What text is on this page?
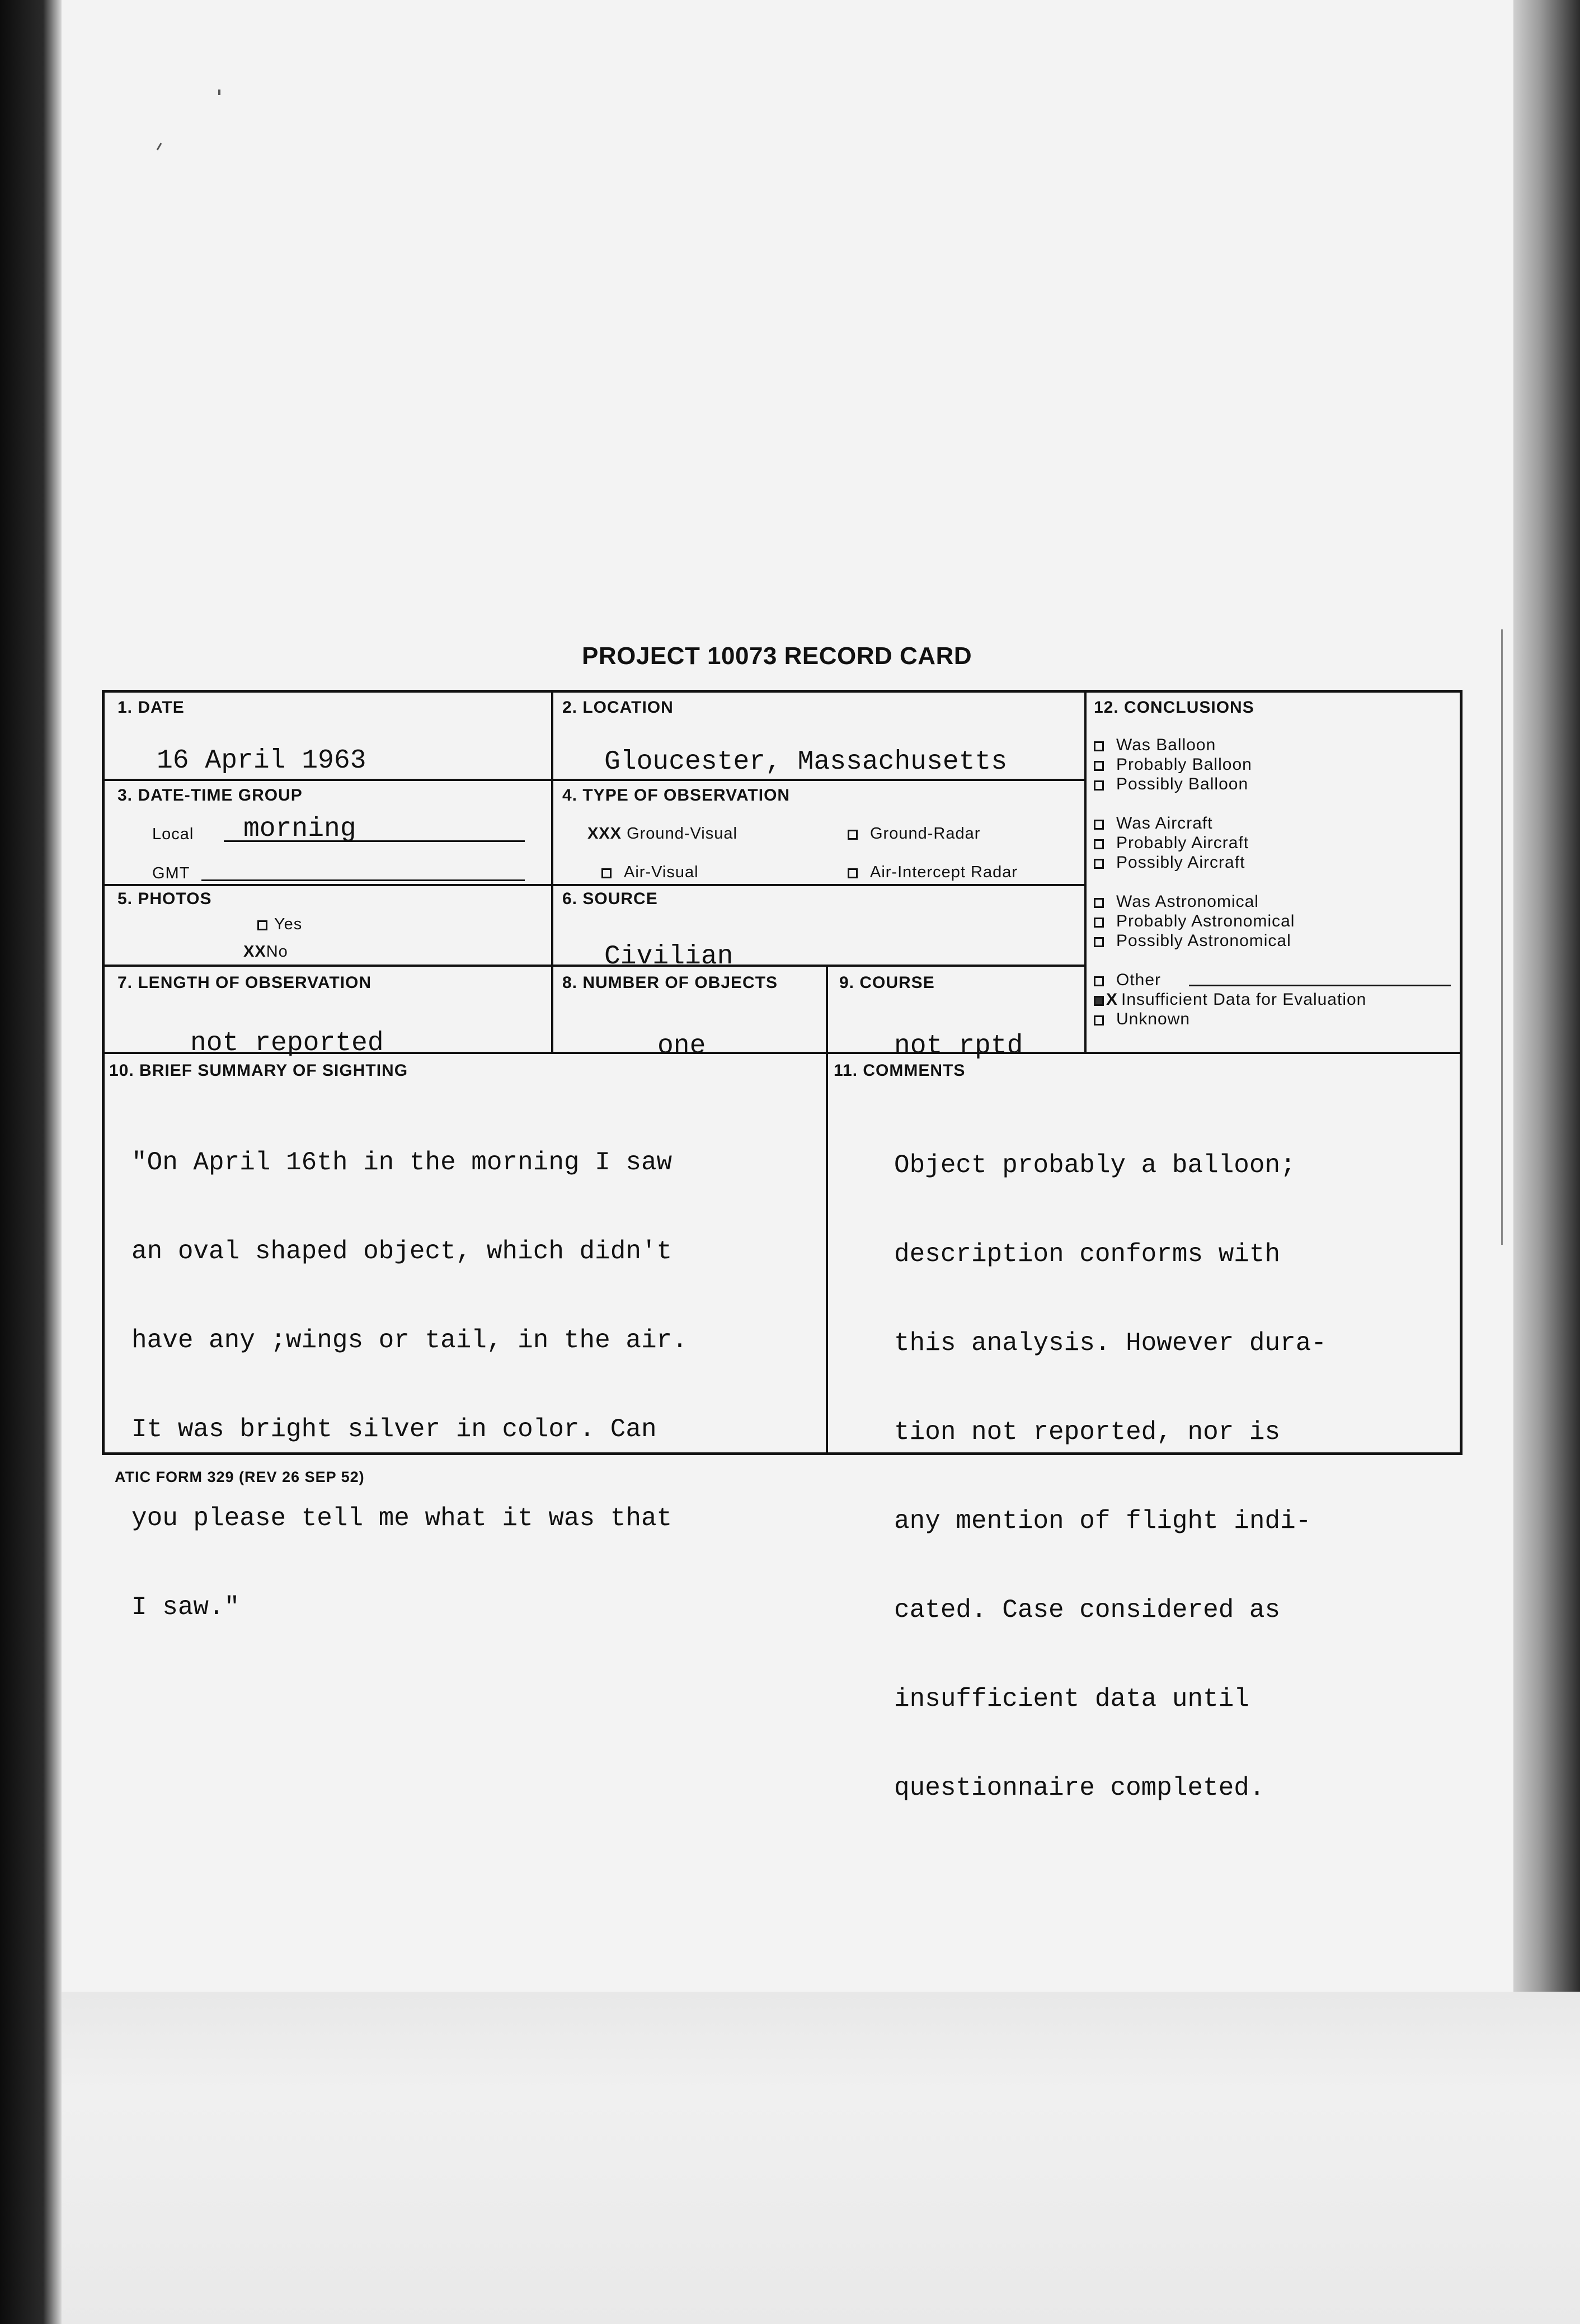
PROJECT 10073 RECORD CARD
1. DATE
16 April 1963
2. LOCATION
Gloucester, Massachusetts
3. DATE-TIME GROUP
Local morning
GMT
4. TYPE OF OBSERVATION
XXX Ground-Visual	Ground-Radar
Air-Visual	Air-Intercept Radar
5. PHOTOS
Yes
XXNo
6. SOURCE
Civilian
7. LENGTH OF OBSERVATION
not reported
8. NUMBER OF OBJECTS
one
9. COURSE
not rptd
10. BRIEF SUMMARY OF SIGHTING

"On April 16th in the morning I saw

an oval shaped object, which didn't

have any ;wings or tail, in the air.

It was bright silver in color. Can

you please tell me what it was that

I saw."

11. COMMENTS

Object probably a balloon;

description conforms with

this analysis. However dura-

tion not reported, nor is

any mention of flight indi-

cated. Case considered as

insufficient data until

questionnaire completed.

12. CONCLUSIONS
Was Balloon
Probably Balloon
Possibly Balloon
Was Aircraft
Probably Aircraft
Possibly Aircraft
Was Astronomical
Probably Astronomical
Possibly Astronomical
Other
X Insufficient Data for Evaluation
Unknown
ATIC FORM 329 (REV 26 SEP 52)
